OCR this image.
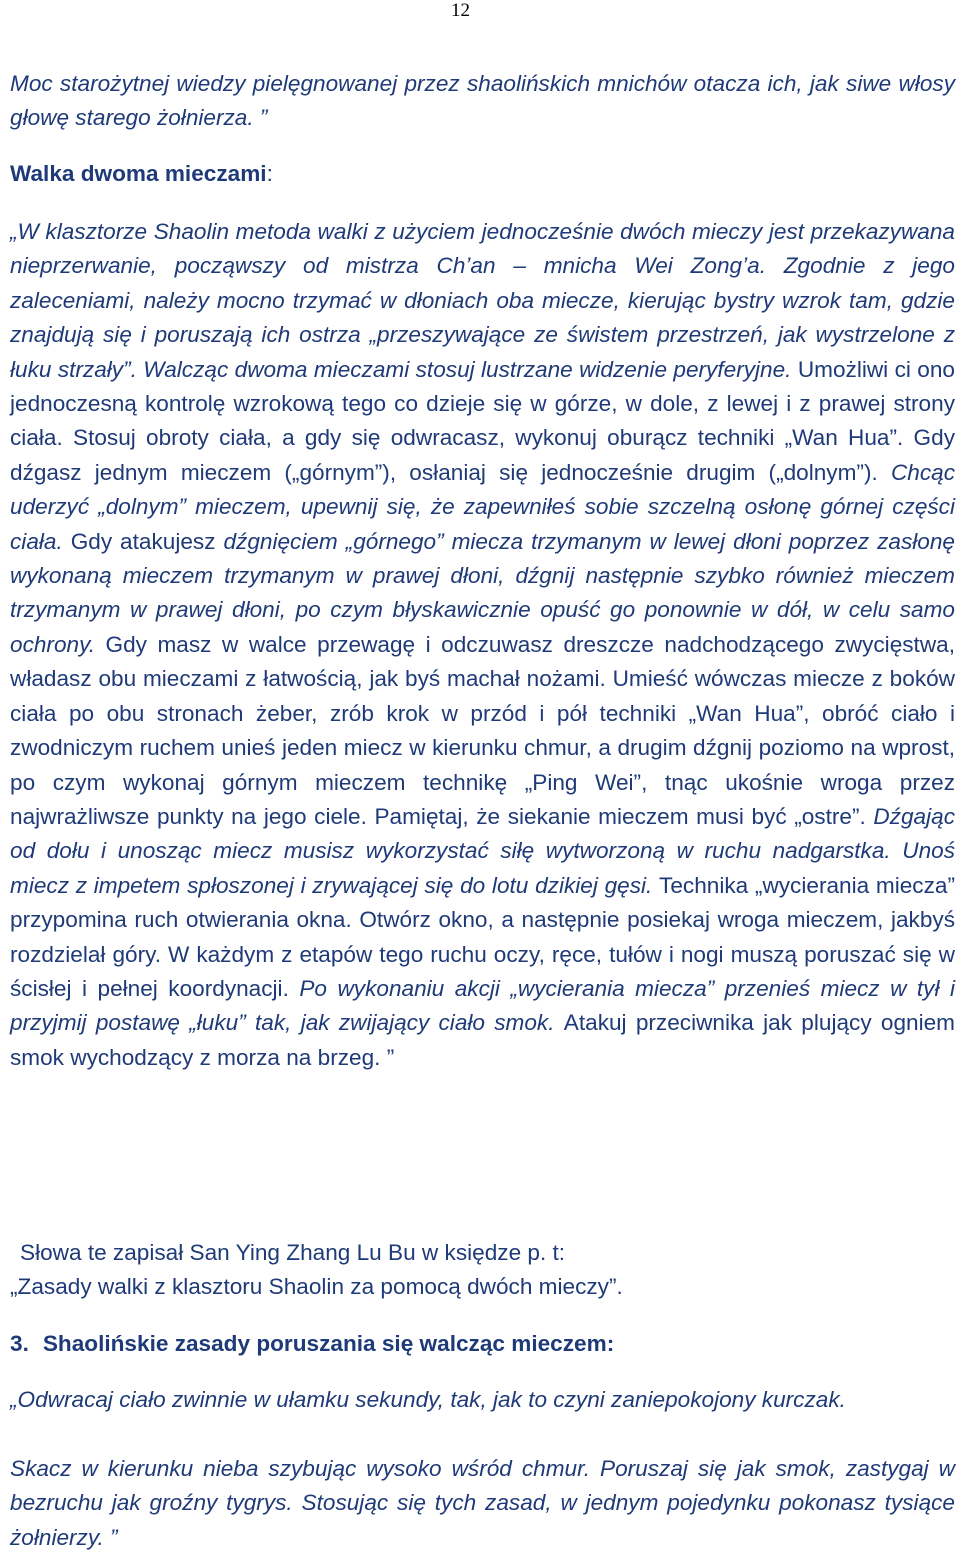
12

Moc starożytnej wiedzy pielęgnowanej przez shaolińskich mnichów otacza ich, jak siwe włosy głowę starego żołnierza. ”

Walka dwoma mieczami:

„W klasztorze Shaolin metoda walki z użyciem jednocześnie dwóch mieczy jest przekazywana nieprzerwanie, począwszy od mistrza Ch’an – mnicha Wei Zong’a. Zgodnie z jego zaleceniami, należy mocno trzymać w dłoniach oba miecze, kierując bystry wzrok tam, gdzie znajdują się i poruszają ich ostrza „przeszywające ze świstem przestrzeń, jak wystrzelone z łuku strzały”. Walcząc dwoma mieczami stosuj lustrzane widzenie peryferyjne. Umożliwi ci ono jednoczesną kontrolę wzrokową tego co dzieje się w górze, w dole, z lewej i z prawej strony ciała. Stosuj obroty ciała, a gdy się odwracasz, wykonuj oburącz techniki „Wan Hua”. Gdy dźgasz jednym mieczem („górnym”), osłaniaj się jednocześnie drugim („dolnym”). Chcąc uderzyć „dolnym” mieczem, upewnij się, że zapewniłeś sobie szczelną osłonę górnej części ciała. Gdy atakujesz dźgnięciem „górnego” miecza trzymanym w lewej dłoni poprzez zasłonę wykonaną mieczem trzymanym w prawej dłoni, dźgnij następnie szybko również mieczem trzymanym w prawej dłoni, po czym błyskawicznie opuść go ponownie w dół, w celu samo ochrony. Gdy masz w walce przewagę i odczuwasz dreszcze nadchodzącego zwycięstwa, władasz obu mieczami z łatwością, jak byś machał nożami. Umieść wówczas miecze z boków ciała po obu stronach żeber, zrób krok w przód i pół techniki „Wan Hua”, obróć ciało i zwodniczym ruchem unieś jeden miecz w kierunku chmur, a drugim dźgnij poziomo na wprost, po czym wykonaj górnym mieczem technikę „Ping Wei”, tnąc ukośnie wroga przez najwrażliwsze punkty na jego ciele. Pamiętaj, że siekanie mieczem musi być „ostre”. Dźgając od dołu i unosząc miecz musisz wykorzystać siłę wytworzoną w ruchu nadgarstka. Unoś miecz z impetem spłoszonej i zrywającej się do lotu dzikiej gęsi. Technika „wycierania miecza” przypomina ruch otwierania okna. Otwórz okno, a następnie posiekaj wroga mieczem, jakbyś rozdzielał góry. W każdym z etapów tego ruchu oczy, ręce, tułów i nogi muszą poruszać się w ścisłej i pełnej koordynacji. Po wykonaniu akcji „wycierania miecza” przenieś miecz w tył i przyjmij postawę „łuku” tak, jak zwijający ciało smok. Atakuj przeciwnika jak plujący ogniem smok wychodzący z morza na brzeg. ”

Słowa te zapisał San Ying Zhang Lu Bu w księdze p. t:

„Zasady walki z klasztoru Shaolin za pomocą dwóch mieczy”.

3. Shaolińskie zasady poruszania się walcząc mieczem:

„Odwracaj ciało zwinnie w ułamku sekundy, tak, jak to czyni zaniepokojony kurczak.

Skacz w kierunku nieba szybując wysoko wśród chmur. Poruszaj się jak smok, zastygaj w bezruchu jak groźny tygrys. Stosując się tych zasad, w jednym pojedynku pokonasz tysiące żołnierzy. ”
